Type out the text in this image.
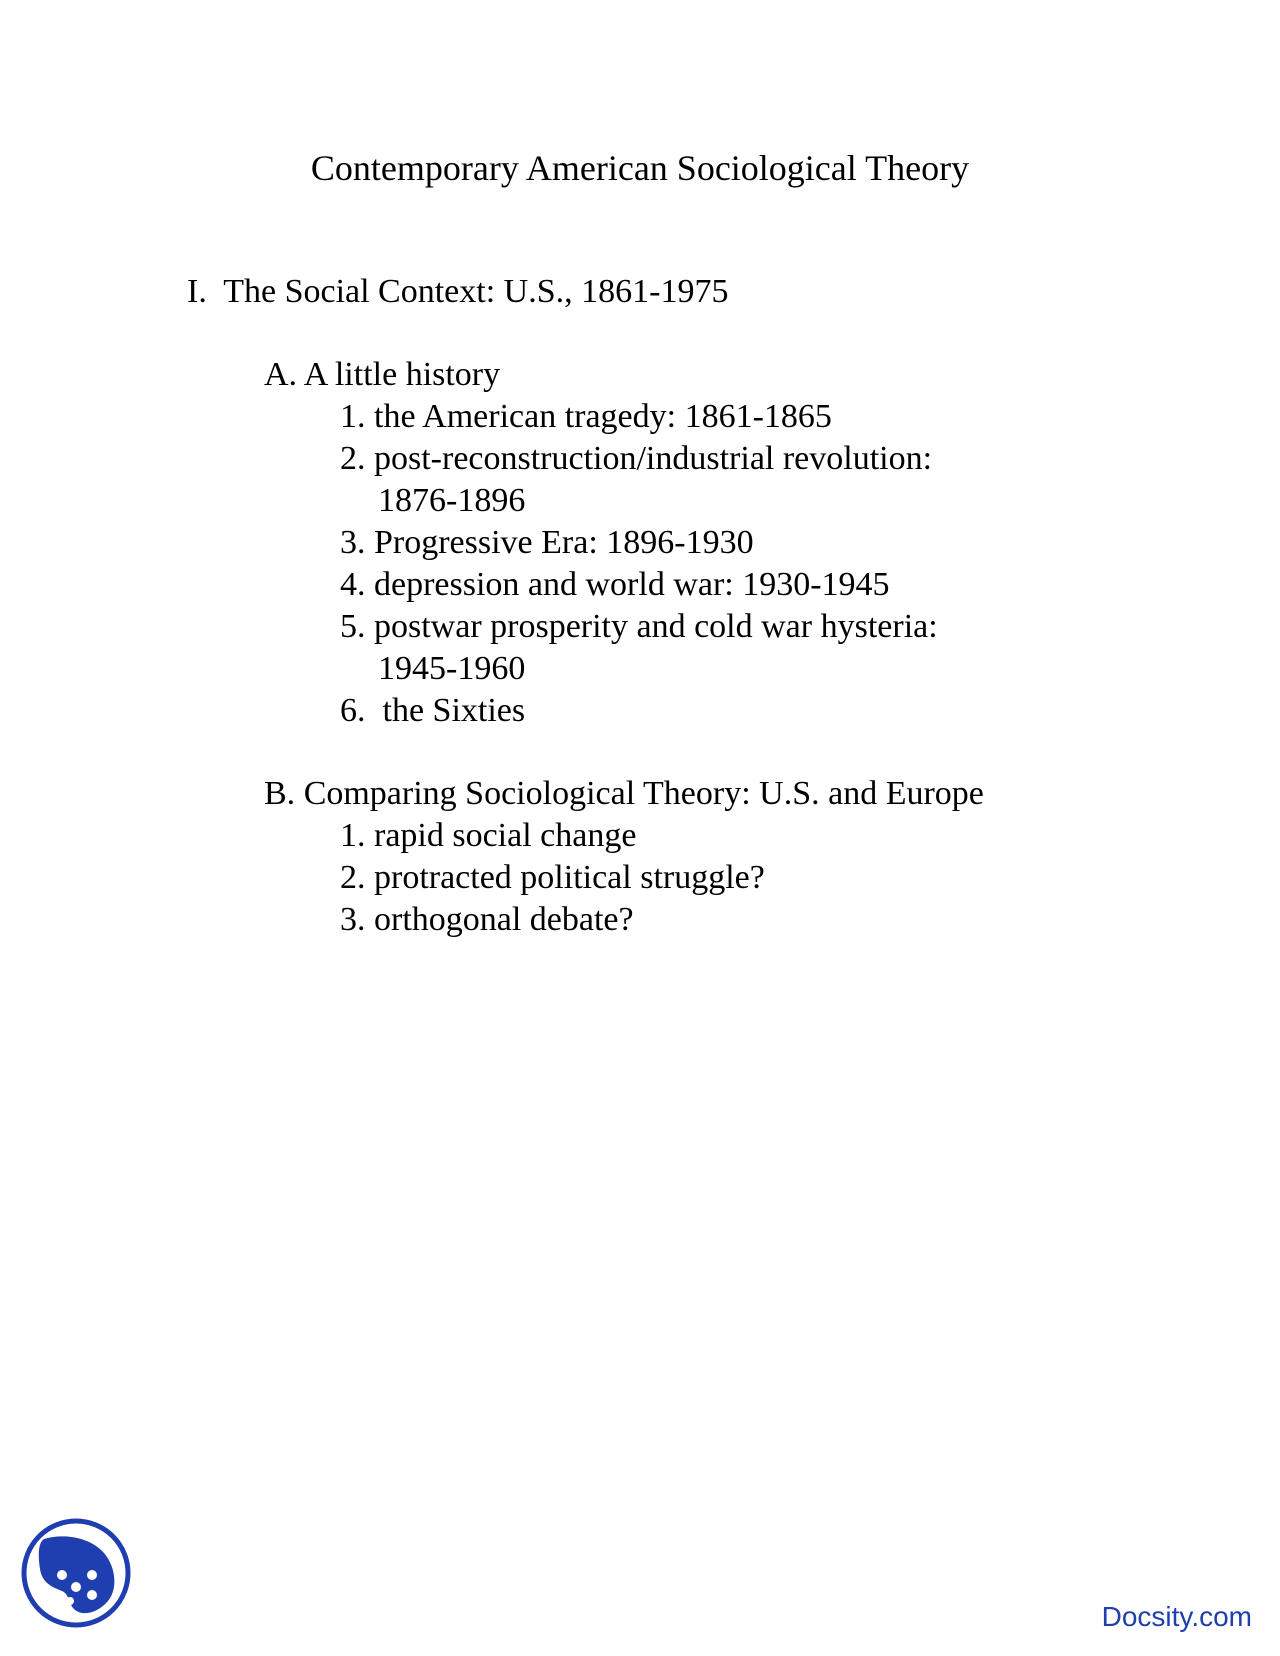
Contemporary American Sociological Theory
I. The Social Context: U.S., 1861-1975
A. A little history
1. the American tragedy: 1861-1865
2. post-reconstruction/industrial revolution:
1876-1896
3. Progressive Era: 1896-1930
4. depression and world war: 1930-1945
5. postwar prosperity and cold war hysteria:
1945-1960
6.  the Sixties
B. Comparing Sociological Theory: U.S. and Europe
1. rapid social change
2. protracted political struggle?
3. orthogonal debate?
Docsity.com
